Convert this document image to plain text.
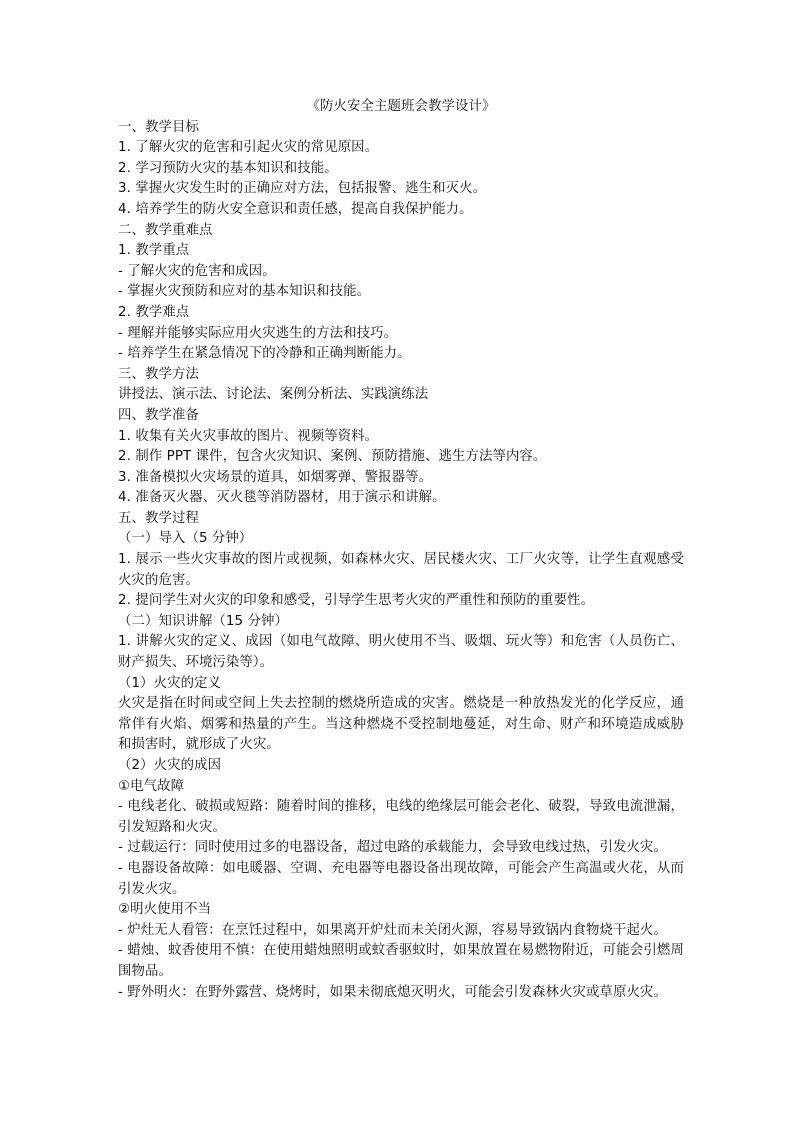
《防火安全主题班会教学设计》
一、教学目标
1. 了解火灾的危害和引起火灾的常见原因。
2. 学习预防火灾的基本知识和技能。
3. 掌握火灾发生时的正确应对方法，包括报警、逃生和灭火。
4. 培养学生的防火安全意识和责任感，提高自我保护能力。
二、教学重难点
1. 教学重点
- 了解火灾的危害和成因。
- 掌握火灾预防和应对的基本知识和技能。
2. 教学难点
- 理解并能够实际应用火灾逃生的方法和技巧。
- 培养学生在紧急情况下的冷静和正确判断能力。
三、教学方法
讲授法、演示法、讨论法、案例分析法、实践演练法
四、教学准备
1. 收集有关火灾事故的图片、视频等资料。
2. 制作 PPT 课件，包含火灾知识、案例、预防措施、逃生方法等内容。
3. 准备模拟火灾场景的道具，如烟雾弹、警报器等。
4. 准备灭火器、灭火毯等消防器材，用于演示和讲解。
五、教学过程
（一）导入（5 分钟）
1. 展示一些火灾事故的图片或视频，如森林火灾、居民楼火灾、工厂火灾等，让学生直观感受火灾的危害。
2. 提问学生对火灾的印象和感受，引导学生思考火灾的严重性和预防的重要性。
（二）知识讲解（15 分钟）
1. 讲解火灾的定义、成因（如电气故障、明火使用不当、吸烟、玩火等）和危害（人员伤亡、财产损失、环境污染等）。
（1）火灾的定义
火灾是指在时间或空间上失去控制的燃烧所造成的灾害。燃烧是一种放热发光的化学反应，通常伴有火焰、烟雾和热量的产生。当这种燃烧不受控制地蔓延，对生命、财产和环境造成威胁和损害时，就形成了火灾。
（2）火灾的成因
①电气故障
- 电线老化、破损或短路：随着时间的推移，电线的绝缘层可能会老化、破裂，导致电流泄漏，引发短路和火灾。
- 过载运行：同时使用过多的电器设备，超过电路的承载能力，会导致电线过热，引发火灾。
- 电器设备故障：如电暖器、空调、充电器等电器设备出现故障，可能会产生高温或火花，从而引发火灾。
②明火使用不当
- 炉灶无人看管：在烹饪过程中，如果离开炉灶而未关闭火源，容易导致锅内食物烧干起火。
- 蜡烛、蚊香使用不慎：在使用蜡烛照明或蚊香驱蚊时，如果放置在易燃物附近，可能会引燃周围物品。
- 野外明火：在野外露营、烧烤时，如果未彻底熄灭明火，可能会引发森林火灾或草原火灾。
